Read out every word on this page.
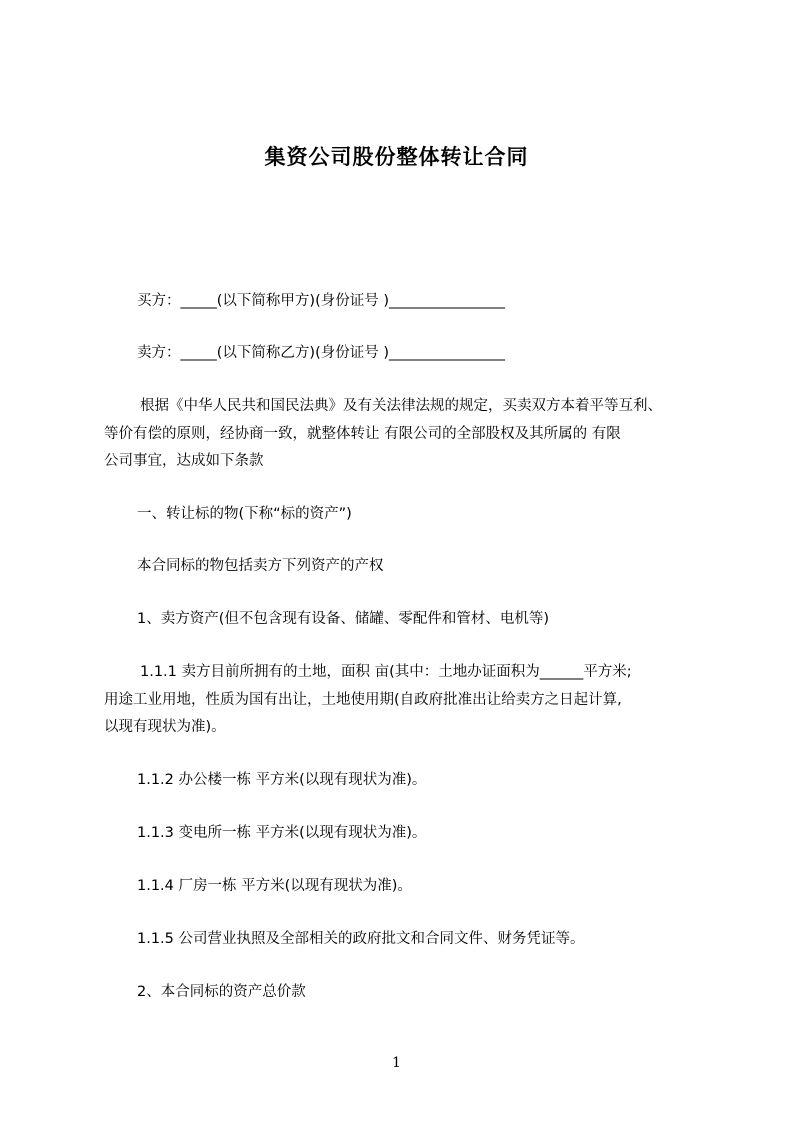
集资公司股份整体转让合同
买方：_____(以下简称甲方)(身份证号 )________________
卖方：_____(以下简称乙方)(身份证号 )________________
根据《中华人民共和国民法典》及有关法律法规的规定，买卖双方本着平等互利、
等价有偿的原则，经协商一致，就整体转让 有限公司的全部股权及其所属的 有限
公司事宜，达成如下条款
一、转让标的物(下称“标的资产”)
本合同标的物包括卖方下列资产的产权
1、卖方资产(但不包含现有设备、储罐、零配件和管材、电机等)
1.1.1 卖方目前所拥有的土地，面积 亩(其中：土地办证面积为______平方米;
用途工业用地，性质为国有出让，土地使用期(自政府批准出让给卖方之日起计算,
以现有现状为准)。
1.1.2 办公楼一栋 平方米(以现有现状为准)。
1.1.3 变电所一栋 平方米(以现有现状为准)。
1.1.4 厂房一栋 平方米(以现有现状为准)。
1.1.5 公司营业执照及全部相关的政府批文和合同文件、财务凭证等。
2、本合同标的资产总价款
1
